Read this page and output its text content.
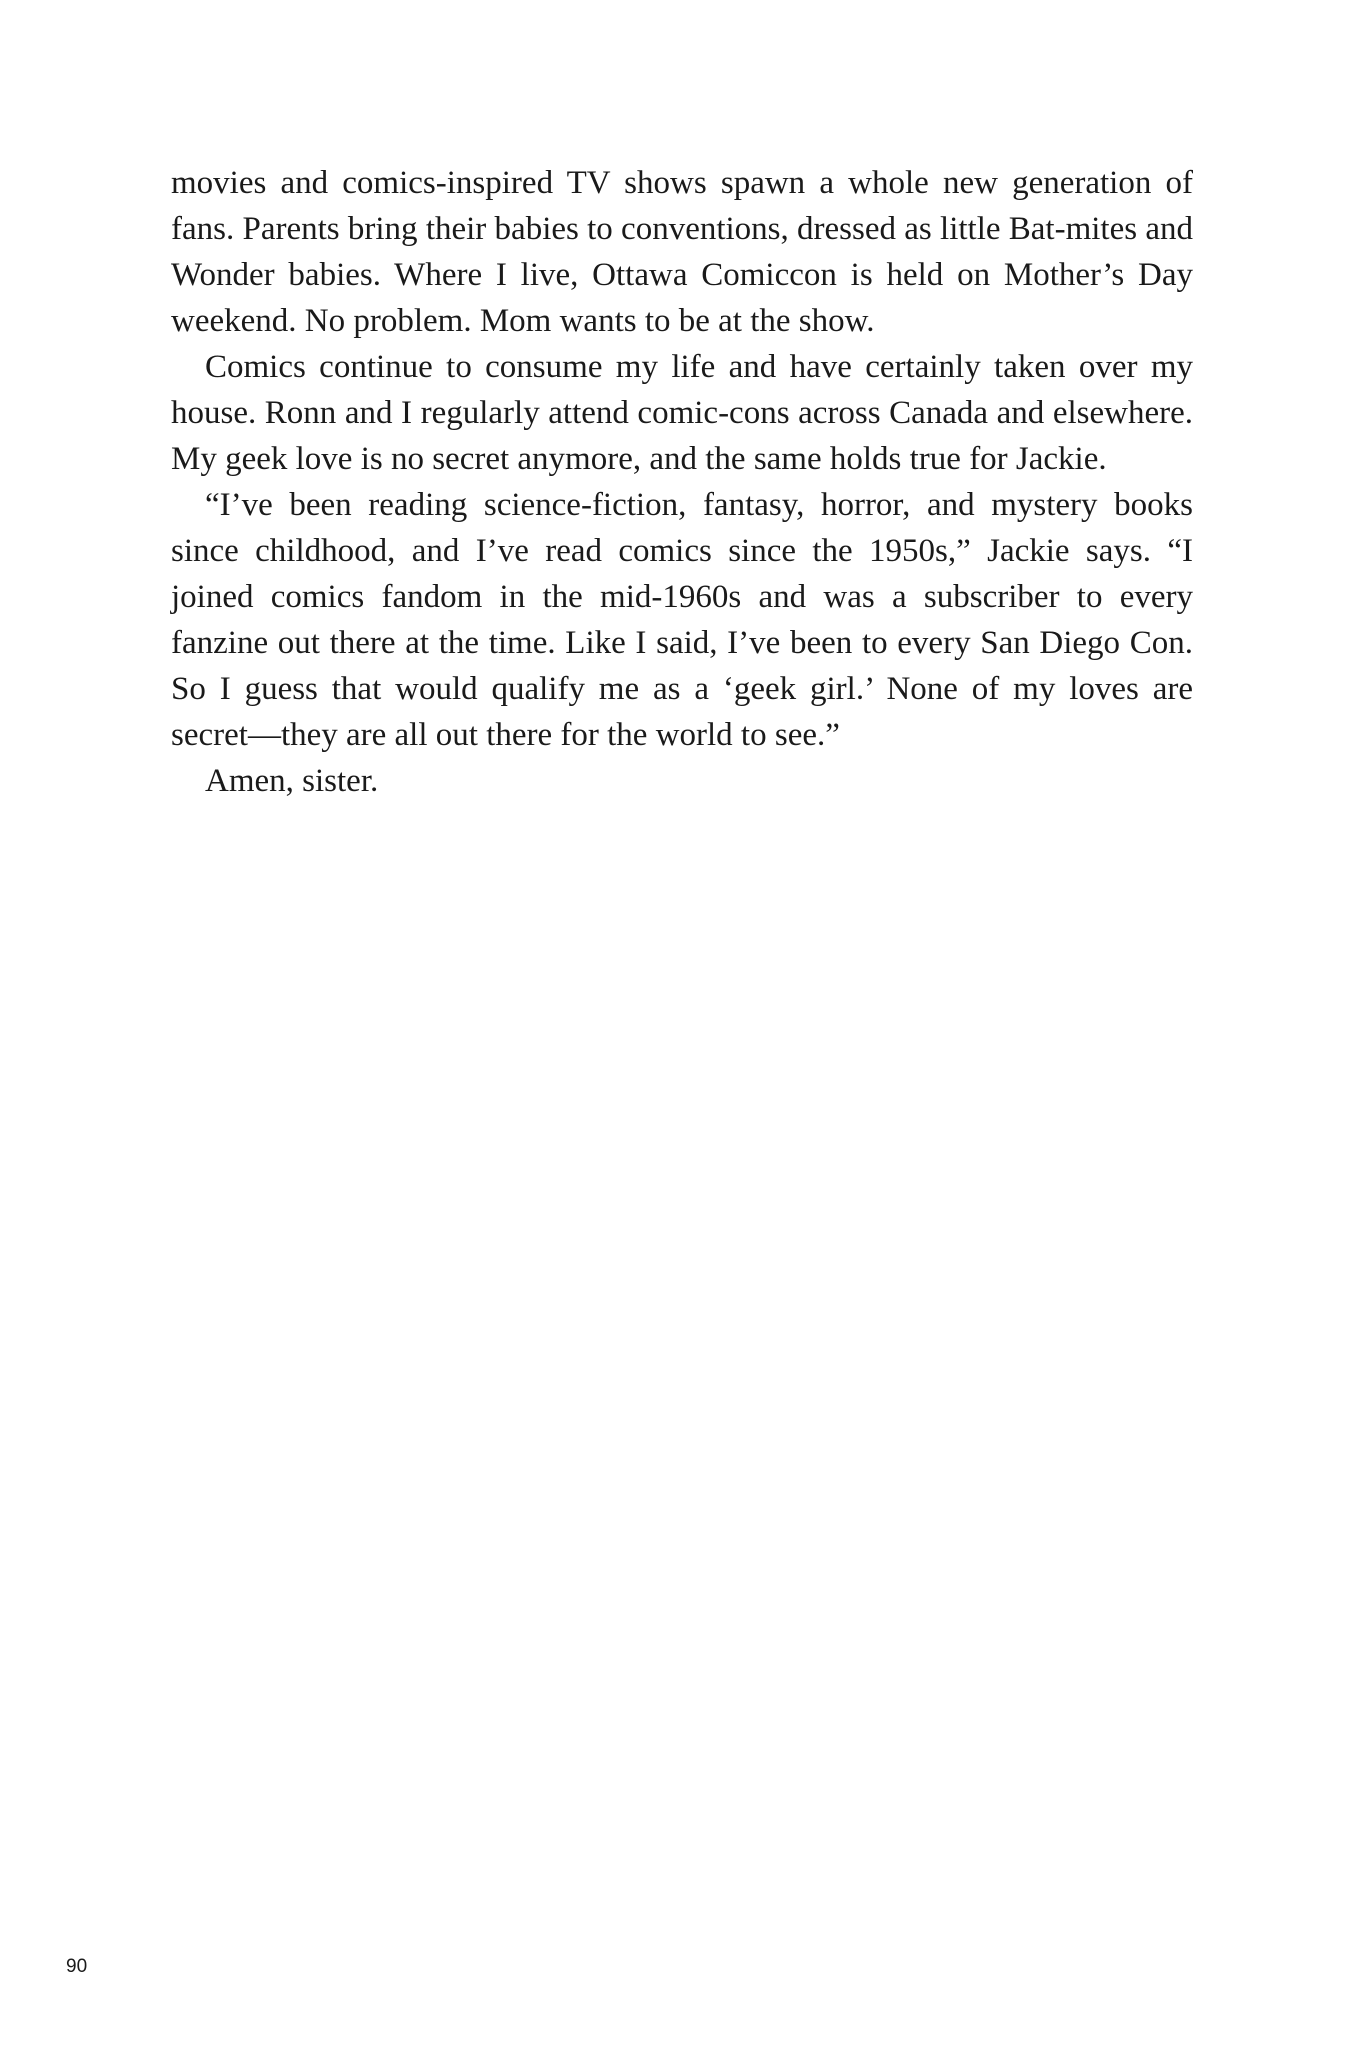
movies and comics-inspired TV shows spawn a whole new generation of fans. Parents bring their babies to conventions, dressed as little Bat-mites and Wonder babies. Where I live, Ottawa Comiccon is held on Mother’s Day weekend. No problem. Mom wants to be at the show.

Comics continue to consume my life and have certainly taken over my house. Ronn and I regularly attend comic-cons across Canada and elsewhere. My geek love is no secret anymore, and the same holds true for Jackie.

“I’ve been reading science-fiction, fantasy, horror, and mystery books since childhood, and I’ve read comics since the 1950s,” Jackie says. “I joined comics fandom in the mid-1960s and was a subscriber to every fanzine out there at the time. Like I said, I’ve been to every San Diego Con. So I guess that would qualify me as a ‘geek girl.’ None of my loves are secret—they are all out there for the world to see.”

Amen, sister.

90
